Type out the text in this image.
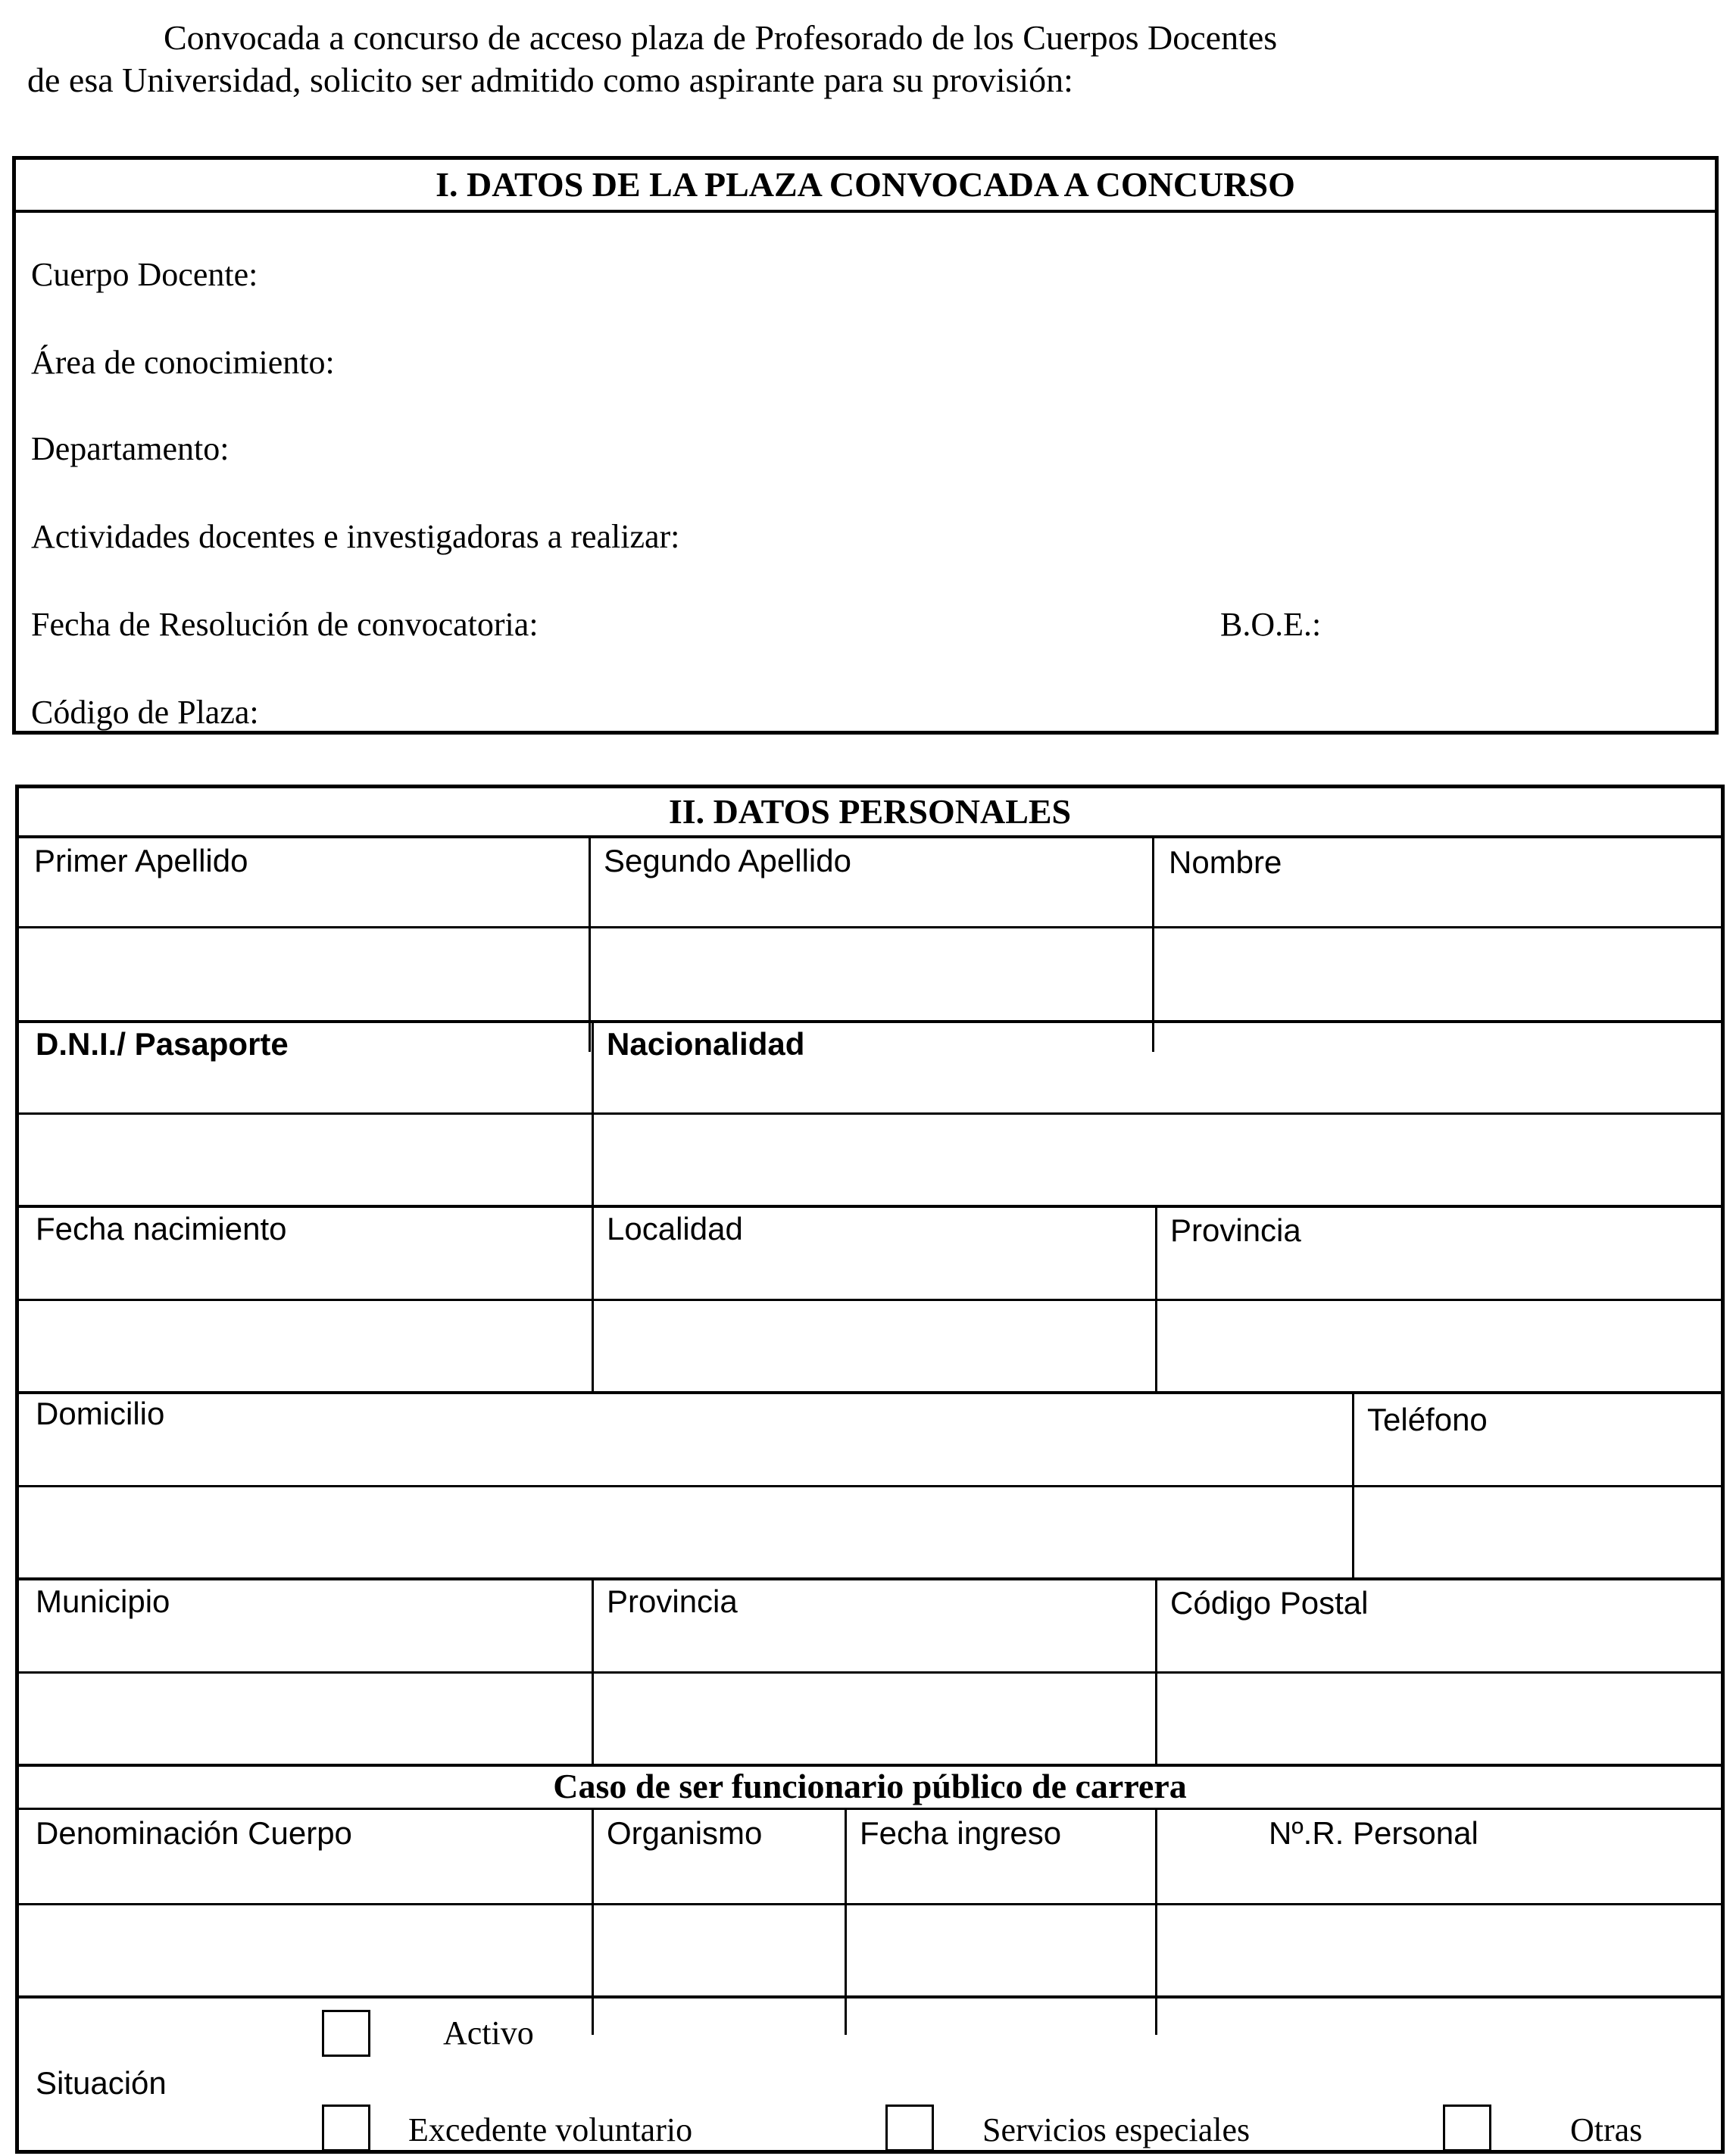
Convocada a concurso de acceso plaza de Profesorado de los Cuerpos Docentes
de esa Universidad, solicito ser admitido como aspirante para su provisión:

I. DATOS DE LA PLAZA CONVOCADA A CONCURSO
Cuerpo Docente:
Área de conocimiento:
Departamento:
Actividades docentes e investigadoras a realizar:
Fecha de Resolución de convocatoria:	B.O.E.:
Código de Plaza:
II. DATOS PERSONALES
Primer Apellido	Segundo Apellido	Nombre
D.N.I./ Pasaporte	Nacionalidad
Fecha nacimiento	Localidad	Provincia
Domicilio	Teléfono
Municipio	Provincia	Código Postal
Caso de ser funcionario público de carrera
Denominación Cuerpo	Organismo	Fecha ingreso	Nº.R. Personal
Situación
Activo
Excedente voluntario	Servicios especiales	Otras
